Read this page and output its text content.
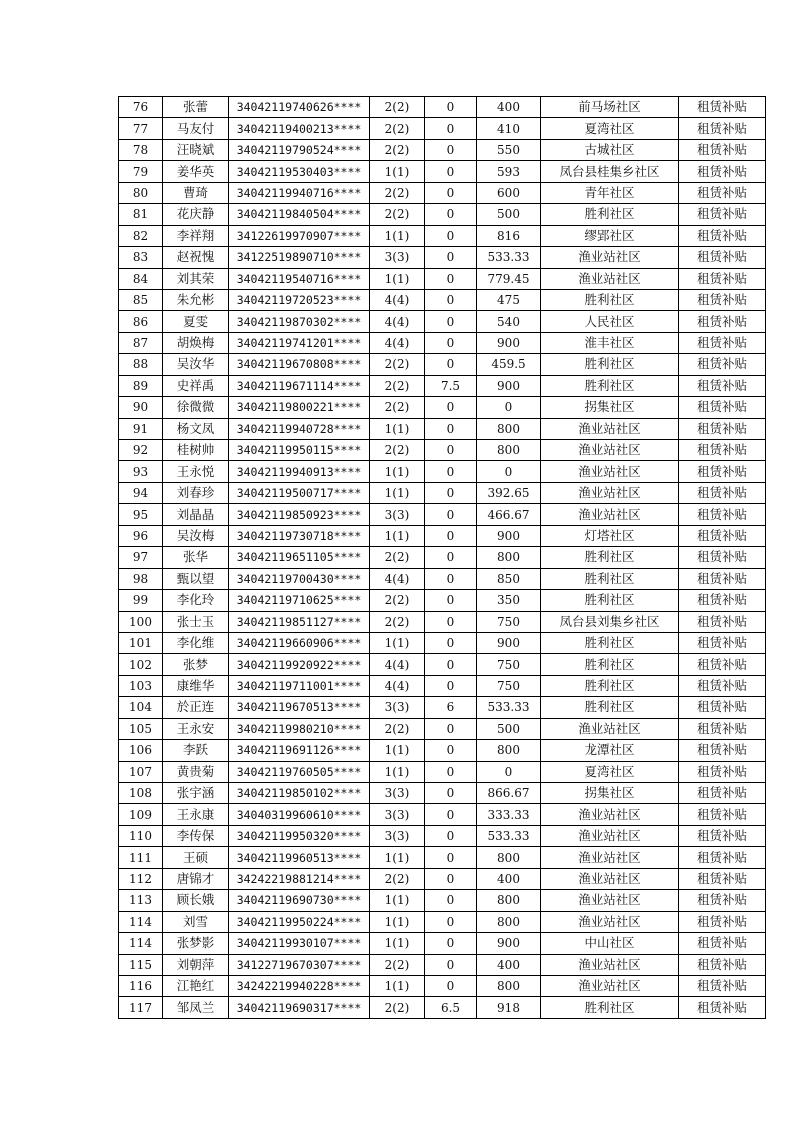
76	张蕾	34042119740626****	2(2)	0	400	前马场社区	租赁补贴
77	马友付	34042119400213****	2(2)	0	410	夏湾社区	租赁补贴
78	汪晓斌	34042119790524****	2(2)	0	550	古城社区	租赁补贴
79	姜华英	34042119530403****	1(1)	0	593	凤台县桂集乡社区	租赁补贴
80	曹琦	34042119940716****	2(2)	0	600	青年社区	租赁补贴
81	花庆静	34042119840504****	2(2)	0	500	胜利社区	租赁补贴
82	李祥翔	34122619970907****	1(1)	0	816	缪郢社区	租赁补贴
83	赵祝愧	34122519890710****	3(3)	0	533.33	渔业站社区	租赁补贴
84	刘其荣	34042119540716****	1(1)	0	779.45	渔业站社区	租赁补贴
85	朱允彬	34042119720523****	4(4)	0	475	胜利社区	租赁补贴
86	夏雯	34042119870302****	4(4)	0	540	人民社区	租赁补贴
87	胡焕梅	34042119741201****	4(4)	0	900	淮丰社区	租赁补贴
88	吴汝华	34042119670808****	2(2)	0	459.5	胜利社区	租赁补贴
89	史祥禹	34042119671114****	2(2)	7.5	900	胜利社区	租赁补贴
90	徐微微	34042119800221****	2(2)	0	0	拐集社区	租赁补贴
91	杨文凤	34042119940728****	1(1)	0	800	渔业站社区	租赁补贴
92	桂树帅	34042119950115****	2(2)	0	800	渔业站社区	租赁补贴
93	王永悦	34042119940913****	1(1)	0	0	渔业站社区	租赁补贴
94	刘春珍	34042119500717****	1(1)	0	392.65	渔业站社区	租赁补贴
95	刘晶晶	34042119850923****	3(3)	0	466.67	渔业站社区	租赁补贴
96	吴汝梅	34042119730718****	1(1)	0	900	灯塔社区	租赁补贴
97	张华	34042119651105****	2(2)	0	800	胜利社区	租赁补贴
98	甄以望	34042119700430****	4(4)	0	850	胜利社区	租赁补贴
99	李化玲	34042119710625****	2(2)	0	350	胜利社区	租赁补贴
100	张士玉	34042119851127****	2(2)	0	750	凤台县刘集乡社区	租赁补贴
101	李化维	34042119660906****	1(1)	0	900	胜利社区	租赁补贴
102	张梦	34042119920922****	4(4)	0	750	胜利社区	租赁补贴
103	康维华	34042119711001****	4(4)	0	750	胜利社区	租赁补贴
104	於正连	34042119670513****	3(3)	6	533.33	胜利社区	租赁补贴
105	王永安	34042119980210****	2(2)	0	500	渔业站社区	租赁补贴
106	李跃	34042119691126****	1(1)	0	800	龙潭社区	租赁补贴
107	黄贵菊	34042119760505****	1(1)	0	0	夏湾社区	租赁补贴
108	张宇涵	34042119850102****	3(3)	0	866.67	拐集社区	租赁补贴
109	王永康	34040319960610****	3(3)	0	333.33	渔业站社区	租赁补贴
110	李传保	34042119950320****	3(3)	0	533.33	渔业站社区	租赁补贴
111	王硕	34042119960513****	1(1)	0	800	渔业站社区	租赁补贴
112	唐锦才	34242219881214****	2(2)	0	400	渔业站社区	租赁补贴
113	顾长娥	34042119690730****	1(1)	0	800	渔业站社区	租赁补贴
114	刘雪	34042119950224****	1(1)	0	800	渔业站社区	租赁补贴
114	张梦影	34042119930107****	1(1)	0	900	中山社区	租赁补贴
115	刘朝萍	34122719670307****	2(2)	0	400	渔业站社区	租赁补贴
116	江艳红	34242219940228****	1(1)	0	800	渔业站社区	租赁补贴
117	邹凤兰	34042119690317****	2(2)	6.5	918	胜利社区	租赁补贴
